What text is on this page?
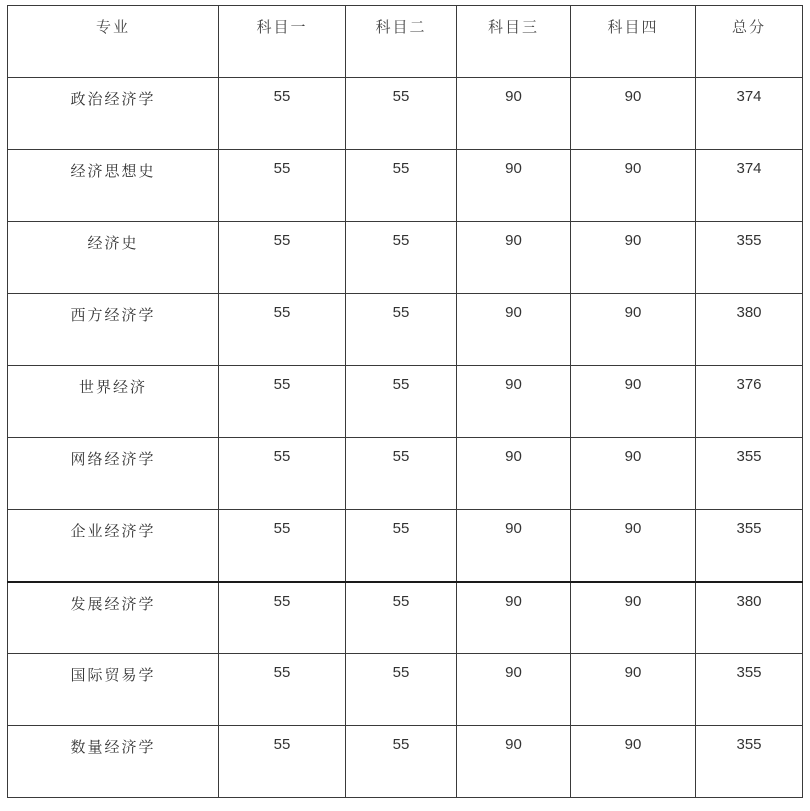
专业	科目一	科目二	科目三	科目四	总分
政治经济学	55	55	90	90	374
经济思想史	55	55	90	90	374
经济史	55	55	90	90	355
西方经济学	55	55	90	90	380
世界经济	55	55	90	90	376
网络经济学	55	55	90	90	355
企业经济学	55	55	90	90	355
发展经济学	55	55	90	90	380
国际贸易学	55	55	90	90	355
数量经济学	55	55	90	90	355
